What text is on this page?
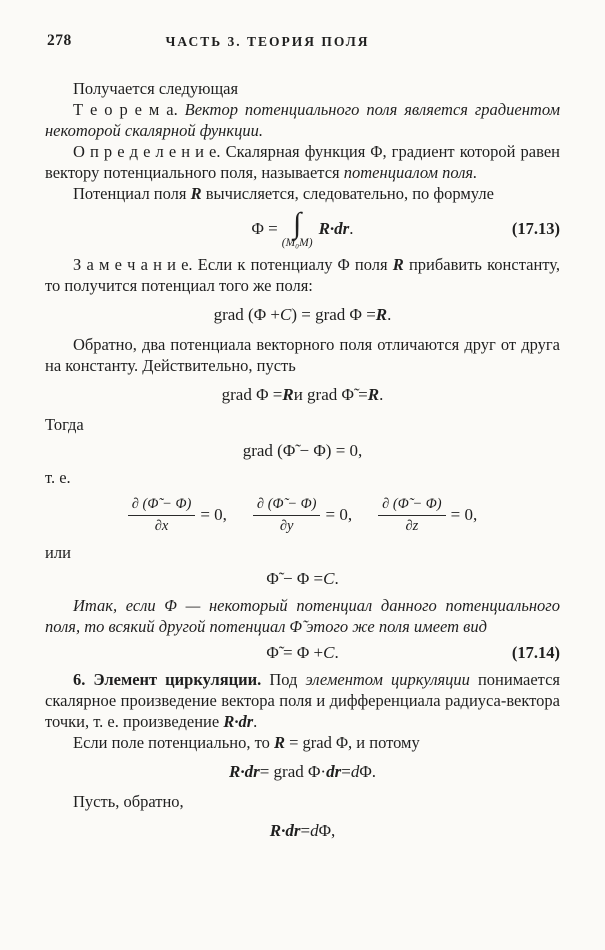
278	ЧАСТЬ 3. ТЕОРИЯ ПОЛЯ

Получается следующая

Т е о р е м а. Вектор потенциального поля является градиентом некоторой скалярной функции.

О п р е д е л е н и е. Скалярная функция Φ, градиент которой равен вектору потенциального поля, называется потенциалом поля.

Потенциал поля R вычисляется, следовательно, по формуле

Φ = ∫
(M₀M)
R·dr .	(17.13)

З а м е ч а н и е. Если к потенциалу Φ поля R прибавить константу, то получится потенциал того же поля:

grad (Φ + C ) = grad Φ = R .

Обратно, два потенциала векторного поля отличаются друг от друга на константу. Действительно, пусть

grad Φ = R и grad Φ̃ = R .

Тогда

grad (Φ̃ − Φ) = 0,

т. е.

$\frac{\partial (\Phĩ - \Phi)}{\partial x} = 0$, $\frac{\partial (\Phĩ - \Phi)}{\partial y} = 0$, $\frac{\partial (\Phĩ - \Phi)}{\partial z} = 0$,

или

Φ̃ − Φ = C .

Итак, если Φ — некоторый потенциал данного потенциального поля, то всякий другой потенциал Φ̃ этого же поля имеет вид

Φ̃ = Φ + C .	(17.14)

6. Элемент циркуляции. Под элементом циркуляции понимается скалярное произведение вектора поля и дифференциала радиуса-вектора точки, т. е. произведение R·dr.

Если поле потенциально, то R = grad Φ, и потому

R·dr = grad Φ· dr = d Φ.

Пусть, обратно,

R·dr = d Φ,
